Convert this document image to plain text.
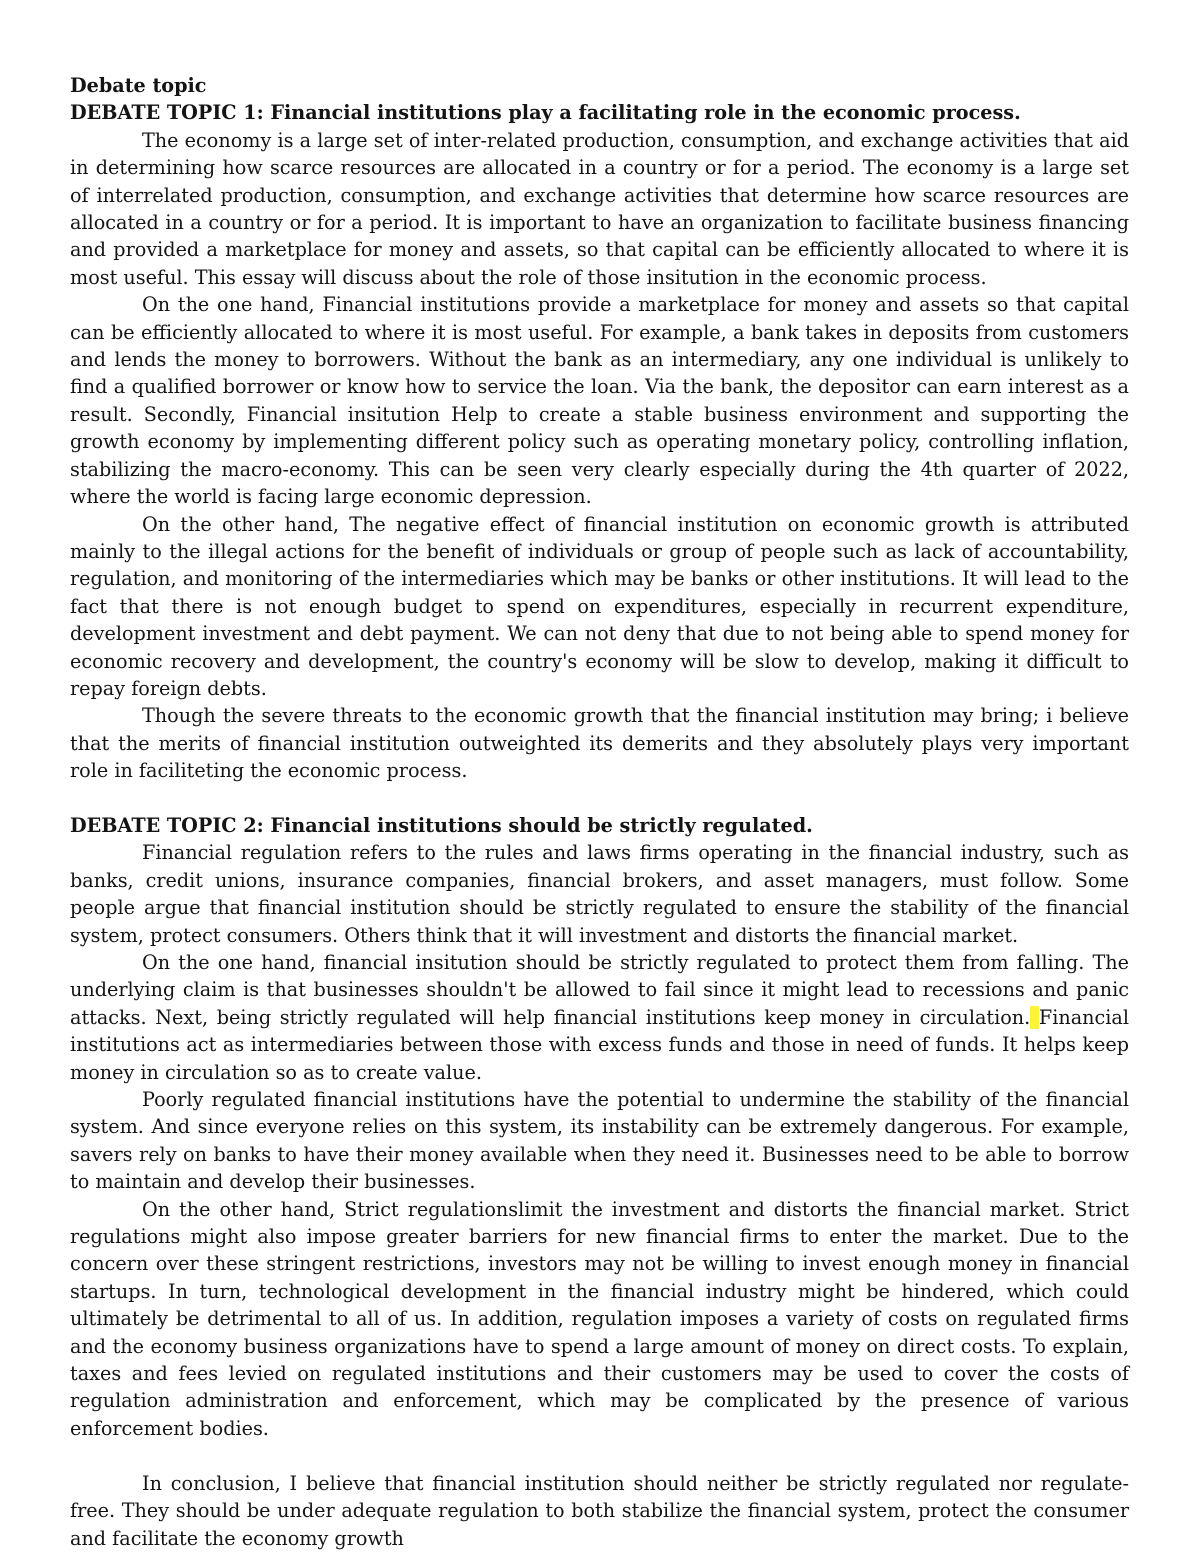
Debate topic
DEBATE TOPIC 1: Financial institutions play a facilitating role in the economic process.

The economy is a large set of inter-related production, consumption, and exchange activities that aid in determining how scarce resources are allocated in a country or for a period. The economy is a large set of interrelated production, consumption, and exchange activities that determine how scarce resources are allocated in a country or for a period. It is important to have an organization to facilitate business financing and provided a marketplace for money and assets, so that capital can be efficiently allocated to where it is most useful. This essay will discuss about the role of those insitution in the economic process.

On the one hand, Financial institutions provide a marketplace for money and assets so that capital can be efficiently allocated to where it is most useful. For example, a bank takes in deposits from customers and lends the money to borrowers. Without the bank as an intermediary, any one individual is unlikely to find a qualified borrower or know how to service the loan. Via the bank, the depositor can earn interest as a result. Secondly, Financial insitution Help to create a stable business environment and supporting the growth economy by implementing different policy such as operating monetary policy, controlling inflation, stabilizing the macro-economy. This can be seen very clearly especially during the 4th quarter of 2022, where the world is facing large economic depression.

On the other hand, The negative effect of financial institution on economic growth is attributed mainly to the illegal actions for the benefit of individuals or group of people such as lack of accountability, regulation, and monitoring of the intermediaries which may be banks or other institutions. It will lead to the fact that there is not enough budget to spend on expenditures, especially in recurrent expenditure, development investment and debt payment. We can not deny that due to not being able to spend money for economic recovery and development, the country's economy will be slow to develop, making it difficult to repay foreign debts.

Though the severe threats to the economic growth that the financial institution may bring; i believe that the merits of financial institution outweighted its demerits and they absolutely plays very important role in faciliteting the economic process.

DEBATE TOPIC 2: Financial institutions should be strictly regulated.

Financial regulation refers to the rules and laws firms operating in the financial industry, such as banks, credit unions, insurance companies, financial brokers, and asset managers, must follow. Some people argue that financial institution should be strictly regulated to ensure the stability of the financial system, protect consumers. Others think that it will investment and distorts the financial market.

On the one hand, financial insitution should be strictly regulated to protect them from falling. The underlying claim is that businesses shouldn't be allowed to fail since it might lead to recessions and panic attacks. Next, being strictly regulated will help financial institutions keep money in circulation. Financial institutions act as intermediaries between those with excess funds and those in need of funds. It helps keep money in circulation so as to create value.

Poorly regulated financial institutions have the potential to undermine the stability of the financial system. And since everyone relies on this system, its instability can be extremely dangerous. For example, savers rely on banks to have their money available when they need it. Businesses need to be able to borrow to maintain and develop their businesses.

On the other hand, Strict regulationslimit the investment and distorts the financial market. Strict regulations might also impose greater barriers for new financial firms to enter the market. Due to the concern over these stringent restrictions, investors may not be willing to invest enough money in financial startups. In turn, technological development in the financial industry might be hindered, which could ultimately be detrimental to all of us. In addition, regulation imposes a variety of costs on regulated firms and the economy business organizations have to spend a large amount of money on direct costs. To explain, taxes and fees levied on regulated institutions and their customers may be used to cover the costs of regulation administration and enforcement, which may be complicated by the presence of various enforcement bodies.

In conclusion, I believe that financial institution should neither be strictly regulated nor regulate-free. They should be under adequate regulation to both stabilize the financial system, protect the consumer and facilitate the economy growth
